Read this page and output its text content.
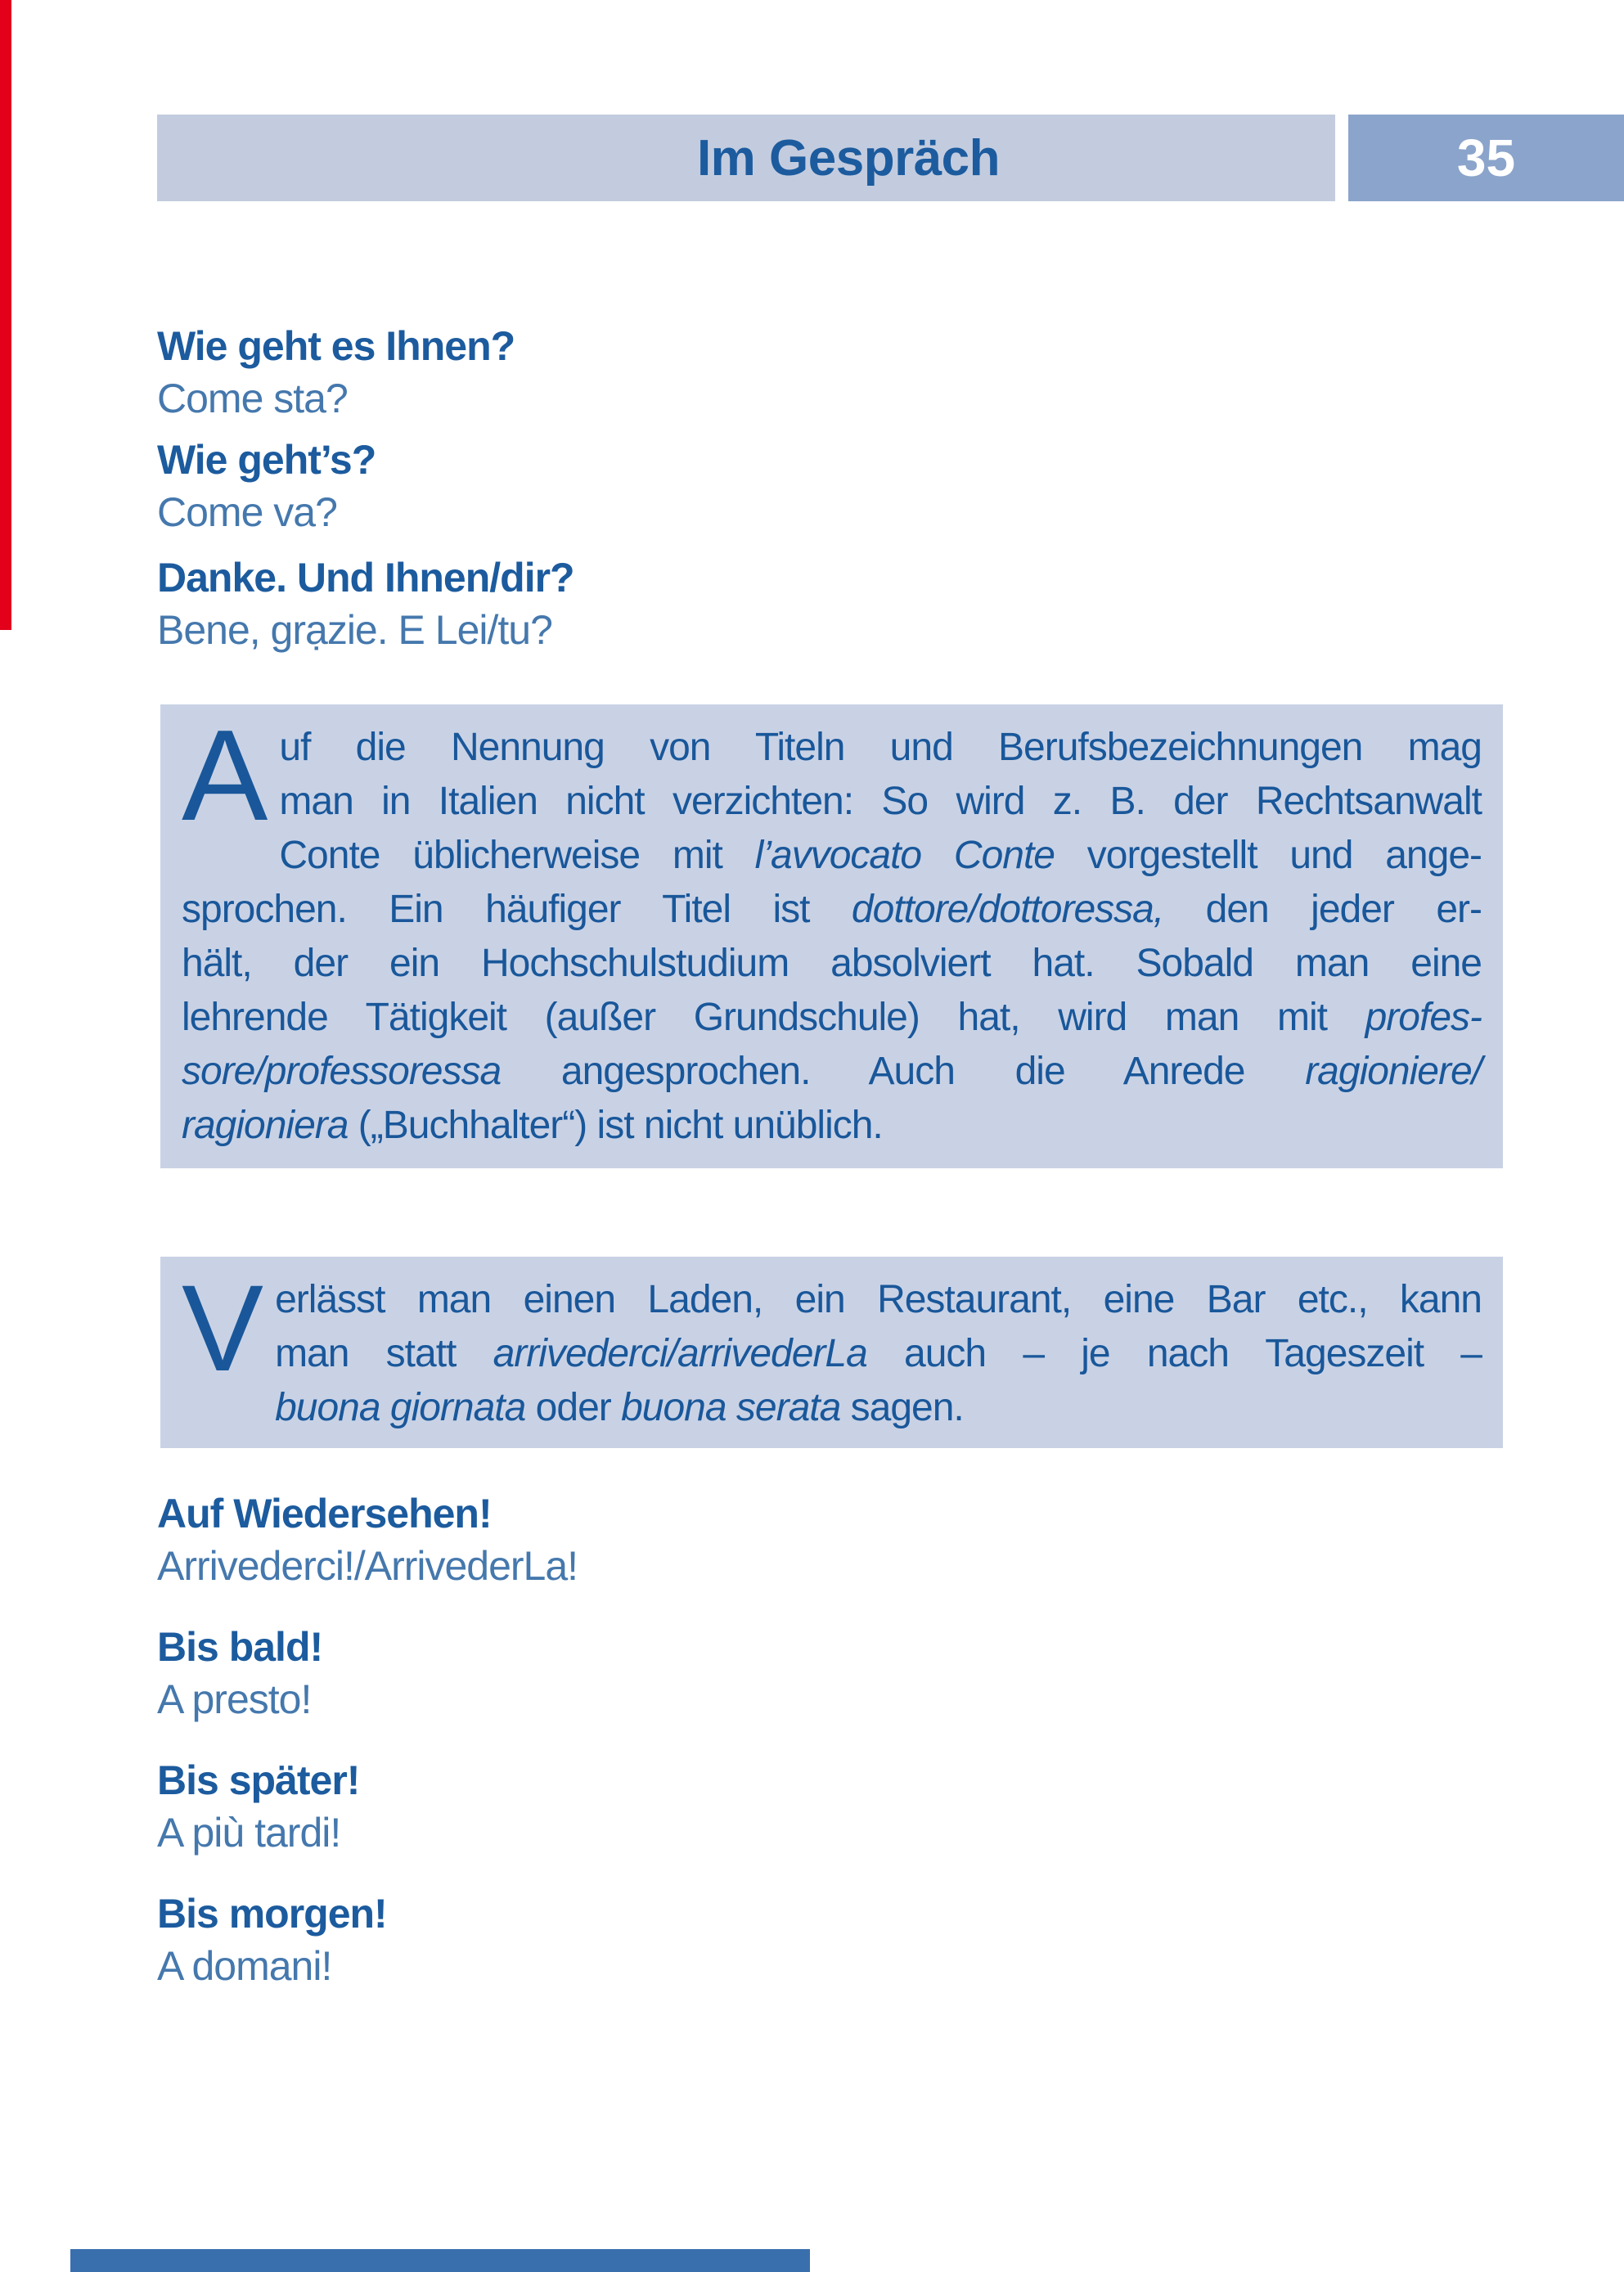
Im Gespräch	35
Wie geht es Ihnen?
Come sta?
Wie geht’s?
Come va?
Danke. Und Ihnen/dir?
Bene, grạzie. E Lei/tu?
A uf die Nennung von Titeln und Berufsbezeichnungen mag
man in Italien nicht verzichten: So wird z. B. der Rechtsanwalt
Conte üblicherweise mit l’avvocato Conte vorgestellt und ange-
sprochen. Ein häufiger Titel ist dottore/dottoressa, den jeder er-
hält, der ein Hochschulstudium absolviert hat. Sobald man eine
lehrende Tätigkeit (außer Grundschule) hat, wird man mit profes-
sore/professoressa angesprochen. Auch die Anrede ragioniere/
ragioniera („Buchhalter“) ist nicht unüblich.
V erlässt man einen Laden, ein Restaurant, eine Bar etc., kann
man statt arrivederci/arrivederLa auch – je nach Tageszeit –
buona giornata oder buona serata sagen.
Auf Wiedersehen!
Arrivederci!/ArrivederLa!
Bis bald!
A presto!
Bis später!
A più tardi!
Bis morgen!
A domani!
